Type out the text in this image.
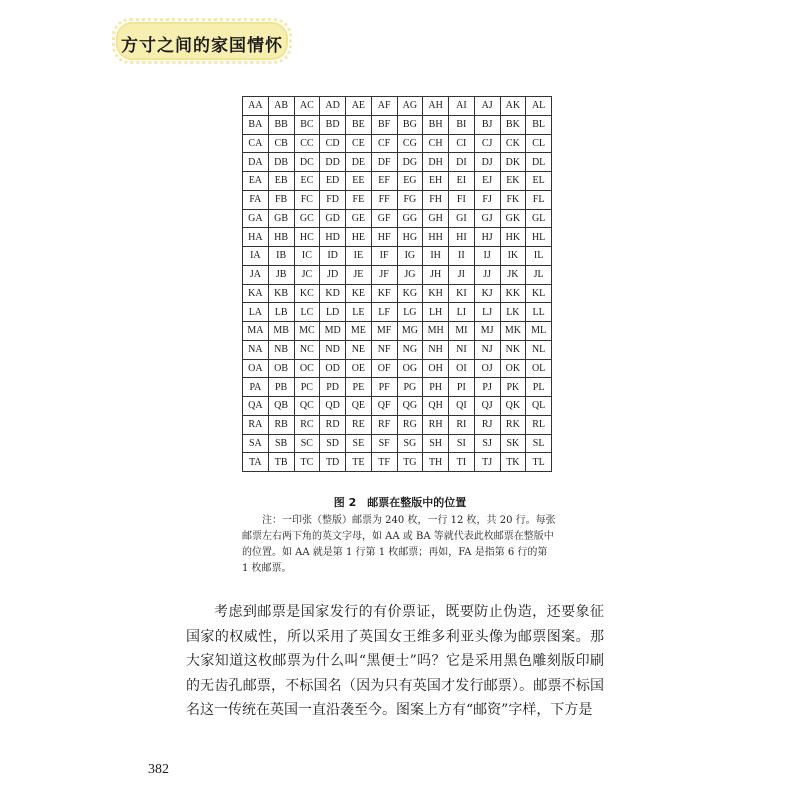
方寸之间的家国情怀
AA	AB	AC	AD	AE	AF	AG	AH	AI	AJ	AK	AL
BA	BB	BC	BD	BE	BF	BG	BH	BI	BJ	BK	BL
CA	CB	CC	CD	CE	CF	CG	CH	CI	CJ	CK	CL
DA	DB	DC	DD	DE	DF	DG	DH	DI	DJ	DK	DL
EA	EB	EC	ED	EE	EF	EG	EH	EI	EJ	EK	EL
FA	FB	FC	FD	FE	FF	FG	FH	FI	FJ	FK	FL
GA	GB	GC	GD	GE	GF	GG	GH	GI	GJ	GK	GL
HA	HB	HC	HD	HE	HF	HG	HH	HI	HJ	HK	HL
IA	IB	IC	ID	IE	IF	IG	IH	II	IJ	IK	IL
JA	JB	JC	JD	JE	JF	JG	JH	JI	JJ	JK	JL
KA	KB	KC	KD	KE	KF	KG	KH	KI	KJ	KK	KL
LA	LB	LC	LD	LE	LF	LG	LH	LI	LJ	LK	LL
MA	MB	MC	MD	ME	MF	MG	MH	MI	MJ	MK	ML
NA	NB	NC	ND	NE	NF	NG	NH	NI	NJ	NK	NL
OA	OB	OC	OD	OE	OF	OG	OH	OI	OJ	OK	OL
PA	PB	PC	PD	PE	PF	PG	PH	PI	PJ	PK	PL
QA	QB	QC	QD	QE	QF	QG	QH	QI	QJ	QK	QL
RA	RB	RC	RD	RE	RF	RG	RH	RI	RJ	RK	RL
SA	SB	SC	SD	SE	SF	SG	SH	SI	SJ	SK	SL
TA	TB	TC	TD	TE	TF	TG	TH	TI	TJ	TK	TL
图 2　邮票在整版中的位置
注：一印张（整版）邮票为 240 枚，一行 12 枚，共 20 行。每张邮票左右两下角的英文字母，如 AA 或 BA 等就代表此枚邮票在整版中的位置。如 AA 就是第 1 行第 1 枚邮票；再如，FA 是指第 6 行的第 1 枚邮票。
考虑到邮票是国家发行的有价票证，既要防止伪造，还要象征国家的权威性，所以采用了英国女王维多利亚头像为邮票图案。那大家知道这枚邮票为什么叫“黑便士”吗？它是采用黑色雕刻版印刷的无齿孔邮票，不标国名（因为只有英国才发行邮票）。邮票不标国名这一传统在英国一直沿袭至今。图案上方有“邮资”字样，下方是
382
